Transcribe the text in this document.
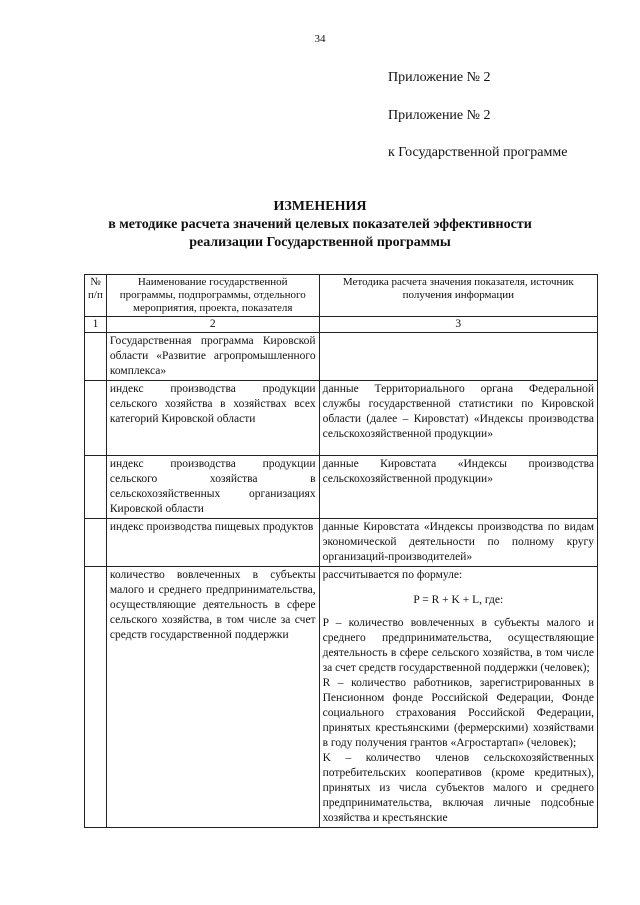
34
Приложение № 2
Приложение № 2
к Государственной программе
ИЗМЕНЕНИЯ
в методике расчета значений целевых показателей эффективности
реализации Государственной программы
№ п/п	Наименование государственной программы, подпрограммы, отдельного мероприятия, проекта, показателя	Методика расчета значения показателя, источник получения информации
1	2	3
	Государственная программа Кировской области «Развитие агропромышленного комплекса»	
	индекс производства продукции сельского хозяйства в хозяйствах всех категорий Кировской области	данные Территориального органа Федеральной службы государственной статистики по Кировской области (далее – Кировстат) «Индексы производства сельскохозяйственной продукции»
	индекс производства продукции сельского хозяйства в сельскохозяйственных организациях Кировской области	данные Кировстата «Индексы производства сельскохозяйственной продукции»
	индекс производства пищевых продуктов	данные Кировстата «Индексы производства по видам экономической деятельности по полному кругу организаций-производителей»
	количество вовлеченных в субъекты малого и среднего предпринимательства, осуществляющие деятельность в сфере сельского хозяйства, в том числе за счет средств государственной поддержки	рассчитывается по формуле:
P = R + K + L, где:
P – количество вовлеченных в субъекты малого и среднего предпринимательства, осуществляющие деятельность в сфере сельского хозяйства, в том числе за счет средств государственной поддержки (человек);
R – количество работников, зарегистрированных в Пенсионном фонде Российской Федерации, Фонде социального страхования Российской Федерации, принятых крестьянскими (фермерскими) хозяйствами в году получения грантов «Агростартап» (человек);
K – количество членов сельскохозяйственных потребительских кооперативов (кроме кредитных), принятых из числа субъектов малого и среднего предпринимательства, включая личные подсобные хозяйства и крестьянские
